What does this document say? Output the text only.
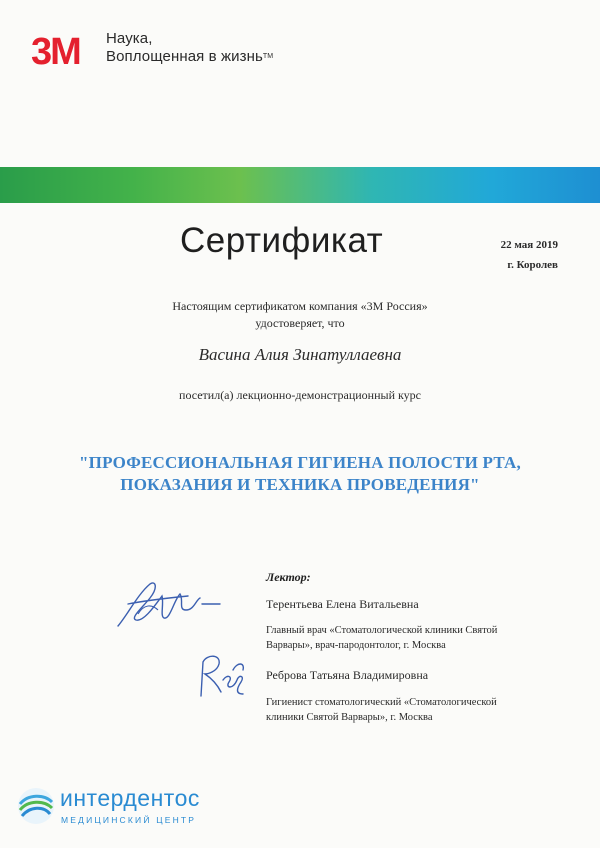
3M Наука,
Воплощенная в жизнь™
Сертификат	22 мая 2019
г. Королев
Настоящим сертификатом компания «3М Россия»
удостоверяет, что
Васина Алия Зинатуллаевна
посетил(а) лекционно-демонстрационный курс
"ПРОФЕССИОНАЛЬНАЯ ГИГИЕНА ПОЛОСТИ РТА,
ПОКАЗАНИЯ И ТЕХНИКА ПРОВЕДЕНИЯ"
Лектор:
Терентьева Елена Витальевна
Главный врач «Стоматологической клиники Святой
Варвары», врач-пародонтолог, г. Москва
Реброва Татьяна Владимировна
Гигиенист стоматологический «Стоматологической
клиники Святой Варвары», г. Москва
интердентос
МЕДИЦИНСКИЙ ЦЕНТР
